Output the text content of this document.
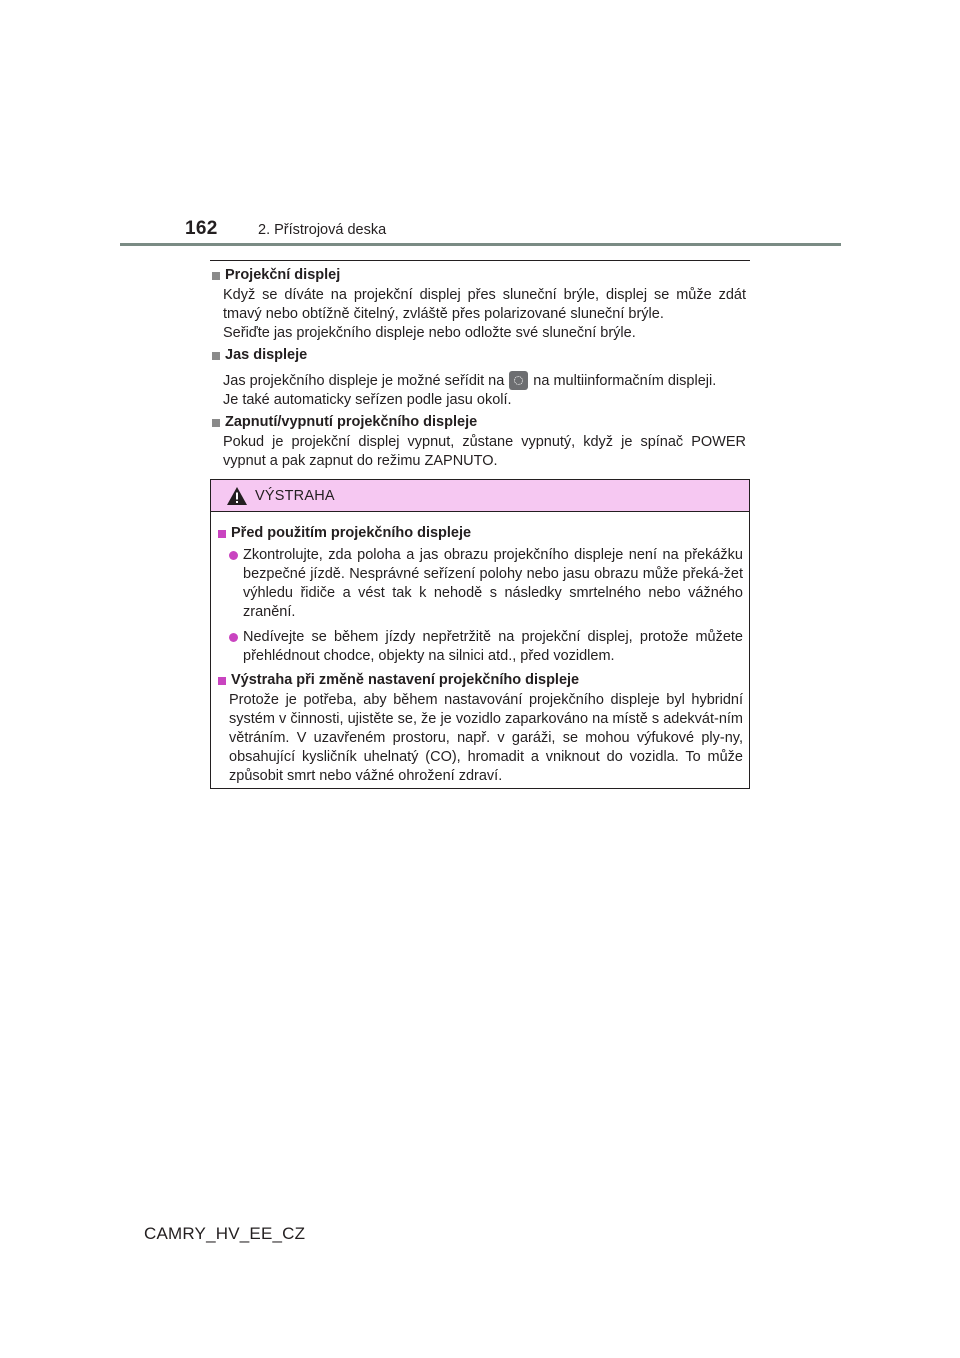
162	2. Přístrojová deska
Projekční displej

Když se díváte na projekční displej přes sluneční brýle, displej se může zdát tmavý nebo obtížně čitelný, zvláště přes polarizované sluneční brýle.

Seřiďte jas projekčního displeje nebo odložte své sluneční brýle.

Jas displeje

Jas projekčního displeje je možné seřídit na na multiinformačním displeji.

Je také automaticky seřízen podle jasu okolí.

Zapnutí/vypnutí projekčního displeje

Pokud je projekční displej vypnut, zůstane vypnutý, když je spínač POWER vypnut a pak zapnut do režimu ZAPNUTO.

VÝSTRAHA
Před použitím projekčního displeje
Zkontrolujte, zda poloha a jas obrazu projekčního displeje není na překážku bezpečné jízdě. Nesprávné seřízení polohy nebo jasu obrazu může překá-žet výhledu řidiče a vést tak k nehodě s následky smrtelného nebo vážného zranění.
Nedívejte se během jízdy nepřetržitě na projekční displej, protože můžete přehlédnout chodce, objekty na silnici atd., před vozidlem.
Výstraha při změně nastavení projekčního displeje

Protože je potřeba, aby během nastavování projekčního displeje byl hybridní systém v činnosti, ujistěte se, že je vozidlo zaparkováno na místě s adekvát-ním větráním. V uzavřeném prostoru, např. v garáži, se mohou výfukové ply-ny, obsahující kysličník uhelnatý (CO), hromadit a vniknout do vozidla. To může způsobit smrt nebo vážné ohrožení zdraví.

CAMRY_HV_EE_CZ
